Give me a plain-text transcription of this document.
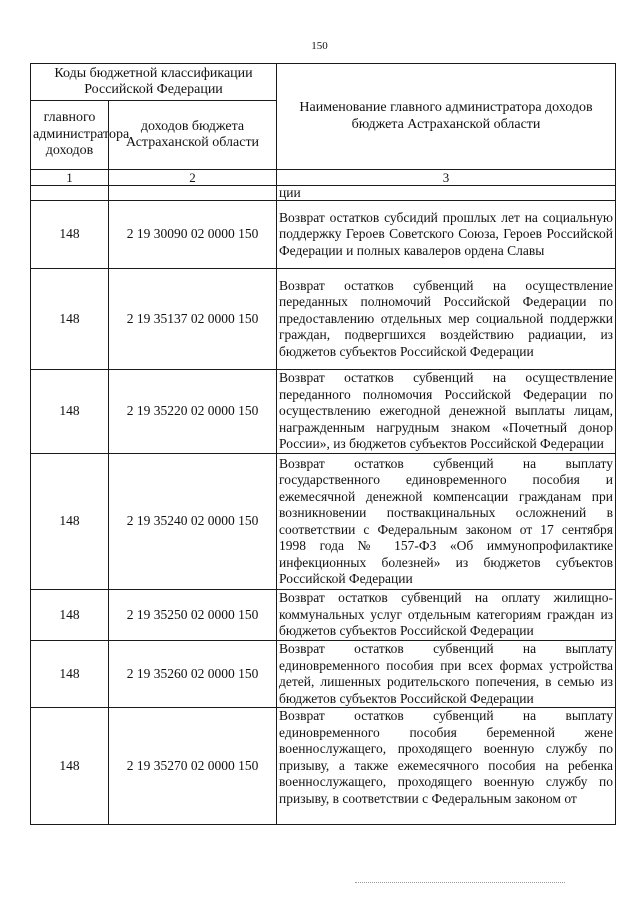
150
Коды бюджетной классификации Российской Федерации		Наименование главного администратора доходов бюджета Астраханской области
главного администратора доходов	доходов бюджета Астраханской области	
1	2	3
		ции
148	2 19 30090 02 0000 150	Возврат остатков субсидий прошлых лет на социальную поддержку Героев Советского Союза, Героев Российской Федерации и полных кавалеров ордена Славы
148	2 19 35137 02 0000 150	Возврат остатков субвенций на осуществление переданных полномочий Российской Федерации по предоставлению отдельных мер социальной поддержки граждан, подвергшихся воздействию радиации, из бюджетов субъектов Российской Федерации
148	2 19 35220 02 0000 150	Возврат остатков субвенций на осуществление переданного полномочия Российской Федерации по осуществлению ежегодной денежной выплаты лицам, награжденным нагрудным знаком «Почетный донор России», из бюджетов субъектов Российской Федерации
148	2 19 35240 02 0000 150	Возврат остатков субвенций на выплату государственного единовременного пособия и ежемесячной денежной компенсации гражданам при возникновении поствакцинальных осложнений в соответствии с Федеральным законом от 17 сентября 1998 года № 157-ФЗ «Об иммунопрофилактике инфекционных болезней» из бюджетов субъектов Российской Федерации
148	2 19 35250 02 0000 150	Возврат остатков субвенций на оплату жилищно-коммунальных услуг отдельным категориям граждан из бюджетов субъектов Российской Федерации
148	2 19 35260 02 0000 150	Возврат остатков субвенций на выплату единовременного пособия при всех формах устройства детей, лишенных родительского попечения, в семью из бюджетов субъектов Российской Федерации
148	2 19 35270 02 0000 150	Возврат остатков субвенций на выплату единовременного пособия беременной жене военнослужащего, проходящего военную службу по призыву, а также ежемесячного пособия на ребенка военнослужащего, проходящего военную службу по призыву, в соответствии с Федеральным законом от
